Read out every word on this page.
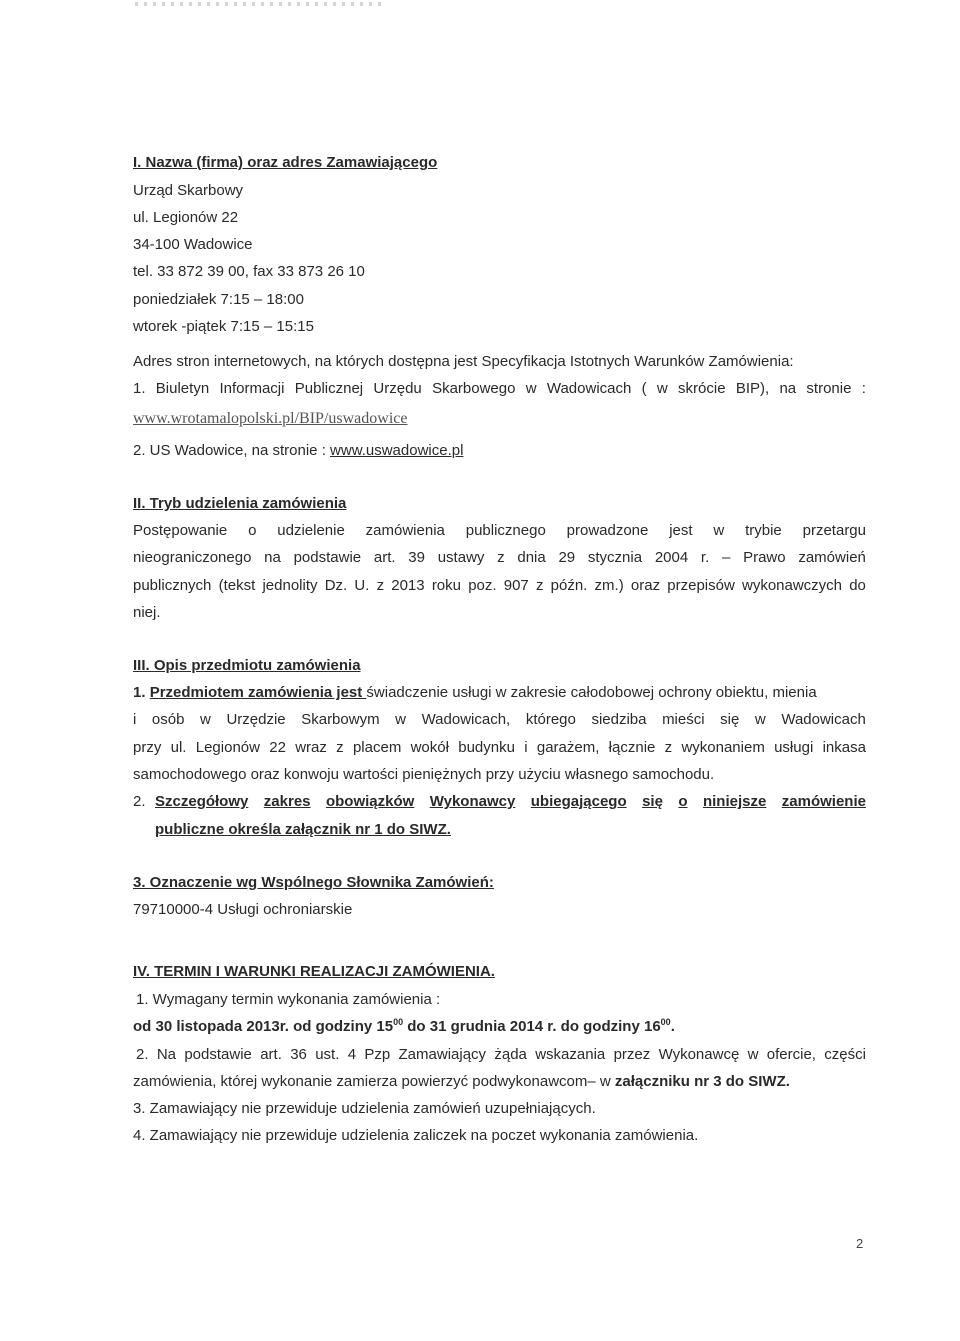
I. Nazwa (firma) oraz adres Zamawiającego
Urząd Skarbowy
ul. Legionów 22
34-100 Wadowice
tel. 33 872 39 00, fax 33 873 26 10
poniedziałek 7:15 – 18:00
wtorek -piątek 7:15 – 15:15
Adres stron internetowych, na których dostępna jest Specyfikacja Istotnych Warunków Zamówienia:
1. Biuletyn Informacji Publicznej Urzędu Skarbowego w Wadowicach ( w skrócie BIP), na stronie :
www.wrotamalopolski.pl/BIP/uswadowice
2. US Wadowice, na stronie : www.uswadowice.pl
II. Tryb udzielenia zamówienia
Postępowanie o udzielenie zamówienia publicznego prowadzone jest w trybie przetargu
nieograniczonego na podstawie art. 39 ustawy z dnia 29 stycznia 2004 r. – Prawo zamówień
publicznych (tekst jednolity Dz. U. z 2013 roku poz. 907 z późn. zm.) oraz przepisów wykonawczych do
niej.
III. Opis przedmiotu zamówienia
1. Przedmiotem zamówienia jest świadczenie usługi w zakresie całodobowej ochrony obiektu, mienia
i osób w Urzędzie Skarbowym w Wadowicach, którego siedziba mieści się w Wadowicach
przy ul. Legionów 22 wraz z placem wokół budynku i garażem, łącznie z wykonaniem usługi inkasa
samochodowego oraz konwoju wartości pieniężnych przy użyciu własnego samochodu.
2. Szczegółowy zakres obowiązków Wykonawcy ubiegającego się o niniejsze zamówienie
publiczne określa załącznik nr 1 do SIWZ.
3. Oznaczenie wg Wspólnego Słownika Zamówień:
79710000-4 Usługi ochroniarskie
IV. TERMIN I WARUNKI REALIZACJI ZAMÓWIENIA.
1. Wymagany termin wykonania zamówienia :
od 30 listopada 2013r. od godziny $15^{00}$ do 31 grudnia 2014 r. do godziny $16^{00}$.
2. Na podstawie art. 36 ust. 4 Pzp Zamawiający żąda wskazania przez Wykonawcę w ofercie, części
zamówienia, której wykonanie zamierza powierzyć podwykonawcom– w załączniku nr 3 do SIWZ.
3. Zamawiający nie przewiduje udzielenia zamówień uzupełniających.
4. Zamawiający nie przewiduje udzielenia zaliczek na poczet wykonania zamówienia.
2
